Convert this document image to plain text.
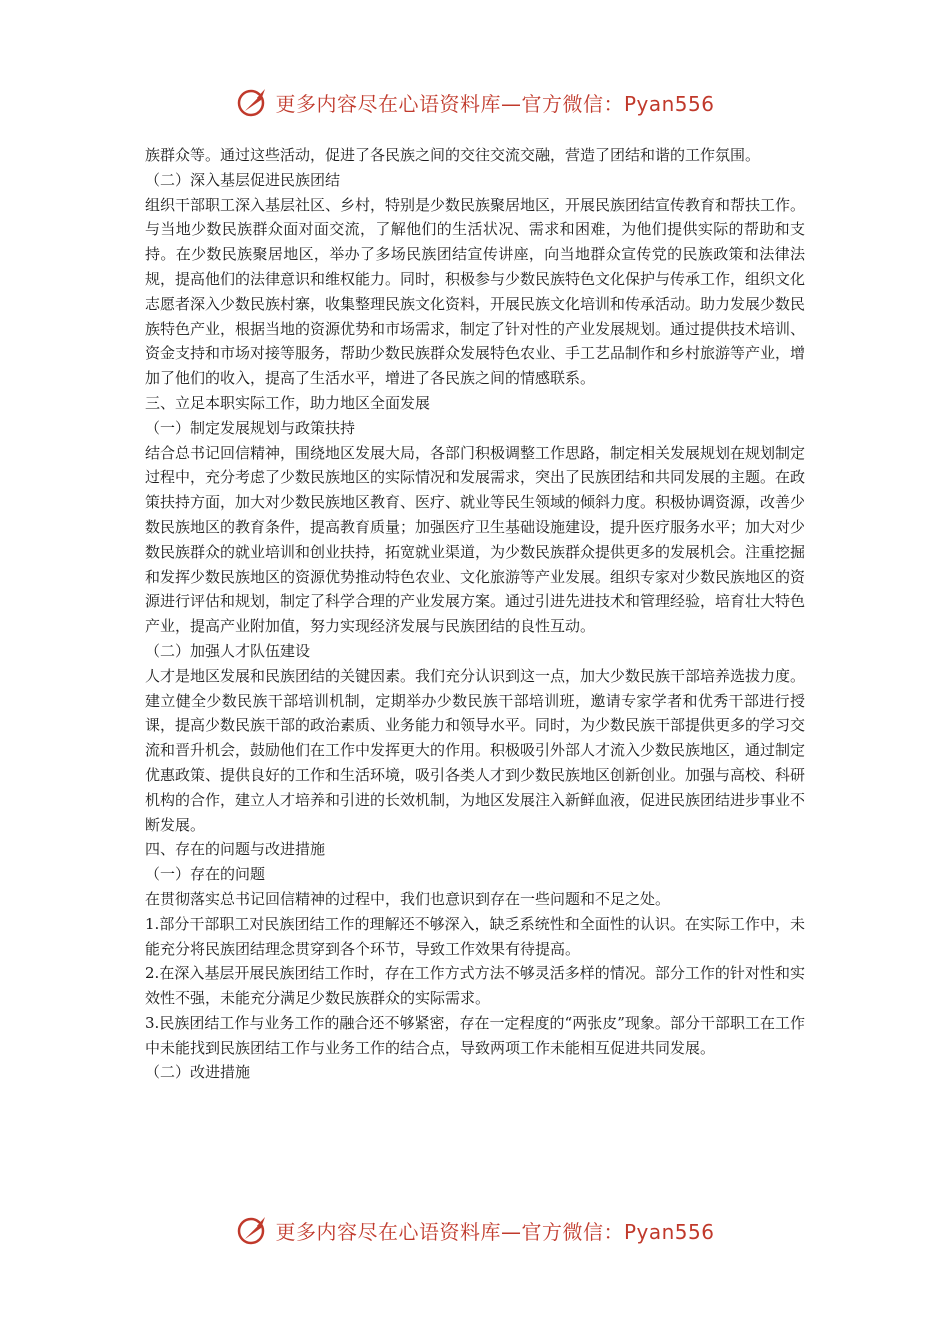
更多内容尽在心语资料库—官方微信：Pyan556

族群众等。通过这些活动，促进了各民族之间的交往交流交融，营造了团结和谐的工作氛围。

（二）深入基层促进民族团结

组织干部职工深入基层社区、乡村，特别是少数民族聚居地区，开展民族团结宣传教育和帮扶工作。与当地少数民族群众面对面交流，了解他们的生活状况、需求和困难，为他们提供实际的帮助和支持。在少数民族聚居地区，举办了多场民族团结宣传讲座，向当地群众宣传党的民族政策和法律法规，提高他们的法律意识和维权能力。同时，积极参与少数民族特色文化保护与传承工作，组织文化志愿者深入少数民族村寨，收集整理民族文化资料，开展民族文化培训和传承活动。助力发展少数民族特色产业，根据当地的资源优势和市场需求，制定了针对性的产业发展规划。通过提供技术培训、资金支持和市场对接等服务，帮助少数民族群众发展特色农业、手工艺品制作和乡村旅游等产业，增加了他们的收入，提高了生活水平，增进了各民族之间的情感联系。

三、立足本职实际工作，助力地区全面发展

（一）制定发展规划与政策扶持

结合总书记回信精神，围绕地区发展大局，各部门积极调整工作思路，制定相关发展规划在规划制定过程中，充分考虑了少数民族地区的实际情况和发展需求，突出了民族团结和共同发展的主题。在政策扶持方面，加大对少数民族地区教育、医疗、就业等民生领域的倾斜力度。积极协调资源，改善少数民族地区的教育条件，提高教育质量；加强医疗卫生基础设施建设，提升医疗服务水平；加大对少数民族群众的就业培训和创业扶持，拓宽就业渠道，为少数民族群众提供更多的发展机会。注重挖掘和发挥少数民族地区的资源优势推动特色农业、文化旅游等产业发展。组织专家对少数民族地区的资源进行评估和规划，制定了科学合理的产业发展方案。通过引进先进技术和管理经验，培育壮大特色产业，提高产业附加值，努力实现经济发展与民族团结的良性互动。

（二）加强人才队伍建设

人才是地区发展和民族团结的关键因素。我们充分认识到这一点，加大少数民族干部培养选拔力度。建立健全少数民族干部培训机制，定期举办少数民族干部培训班，邀请专家学者和优秀干部进行授课，提高少数民族干部的政治素质、业务能力和领导水平。同时，为少数民族干部提供更多的学习交流和晋升机会，鼓励他们在工作中发挥更大的作用。积极吸引外部人才流入少数民族地区，通过制定优惠政策、提供良好的工作和生活环境，吸引各类人才到少数民族地区创新创业。加强与高校、科研机构的合作，建立人才培养和引进的长效机制，为地区发展注入新鲜血液，促进民族团结进步事业不断发展。

四、存在的问题与改进措施

（一）存在的问题

在贯彻落实总书记回信精神的过程中，我们也意识到存在一些问题和不足之处。

1.部分干部职工对民族团结工作的理解还不够深入，缺乏系统性和全面性的认识。在实际工作中，未能充分将民族团结理念贯穿到各个环节，导致工作效果有待提高。

2.在深入基层开展民族团结工作时，存在工作方式方法不够灵活多样的情况。部分工作的针对性和实效性不强，未能充分满足少数民族群众的实际需求。

3.民族团结工作与业务工作的融合还不够紧密，存在一定程度的“两张皮”现象。部分干部职工在工作中未能找到民族团结工作与业务工作的结合点，导致两项工作未能相互促进共同发展。

（二）改进措施

更多内容尽在心语资料库—官方微信：Pyan556
